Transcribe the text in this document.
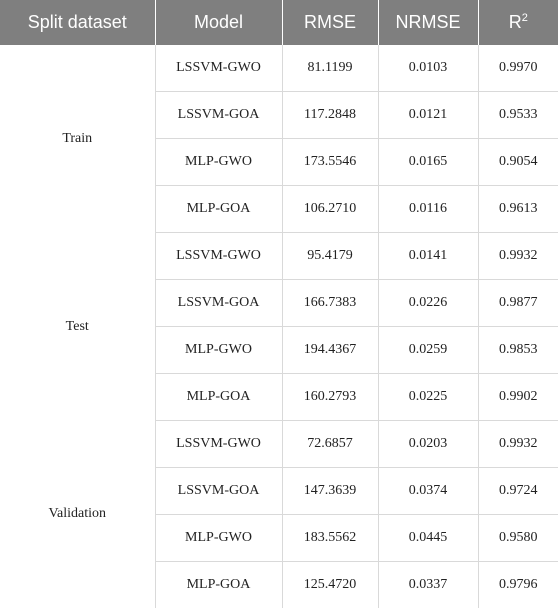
Split dataset	Model	RMSE	NRMSE	$R^2$
Train	LSSVM-GWO	81.1199	0.0103	0.9970
	LSSVM-GOA	117.2848	0.0121	0.9533
	MLP-GWO	173.5546	0.0165	0.9054
	MLP-GOA	106.2710	0.0116	0.9613
Test	LSSVM-GWO	95.4179	0.0141	0.9932
	LSSVM-GOA	166.7383	0.0226	0.9877
	MLP-GWO	194.4367	0.0259	0.9853
	MLP-GOA	160.2793	0.0225	0.9902
Validation	LSSVM-GWO	72.6857	0.0203	0.9932
	LSSVM-GOA	147.3639	0.0374	0.9724
	MLP-GWO	183.5562	0.0445	0.9580
	MLP-GOA	125.4720	0.0337	0.9796
